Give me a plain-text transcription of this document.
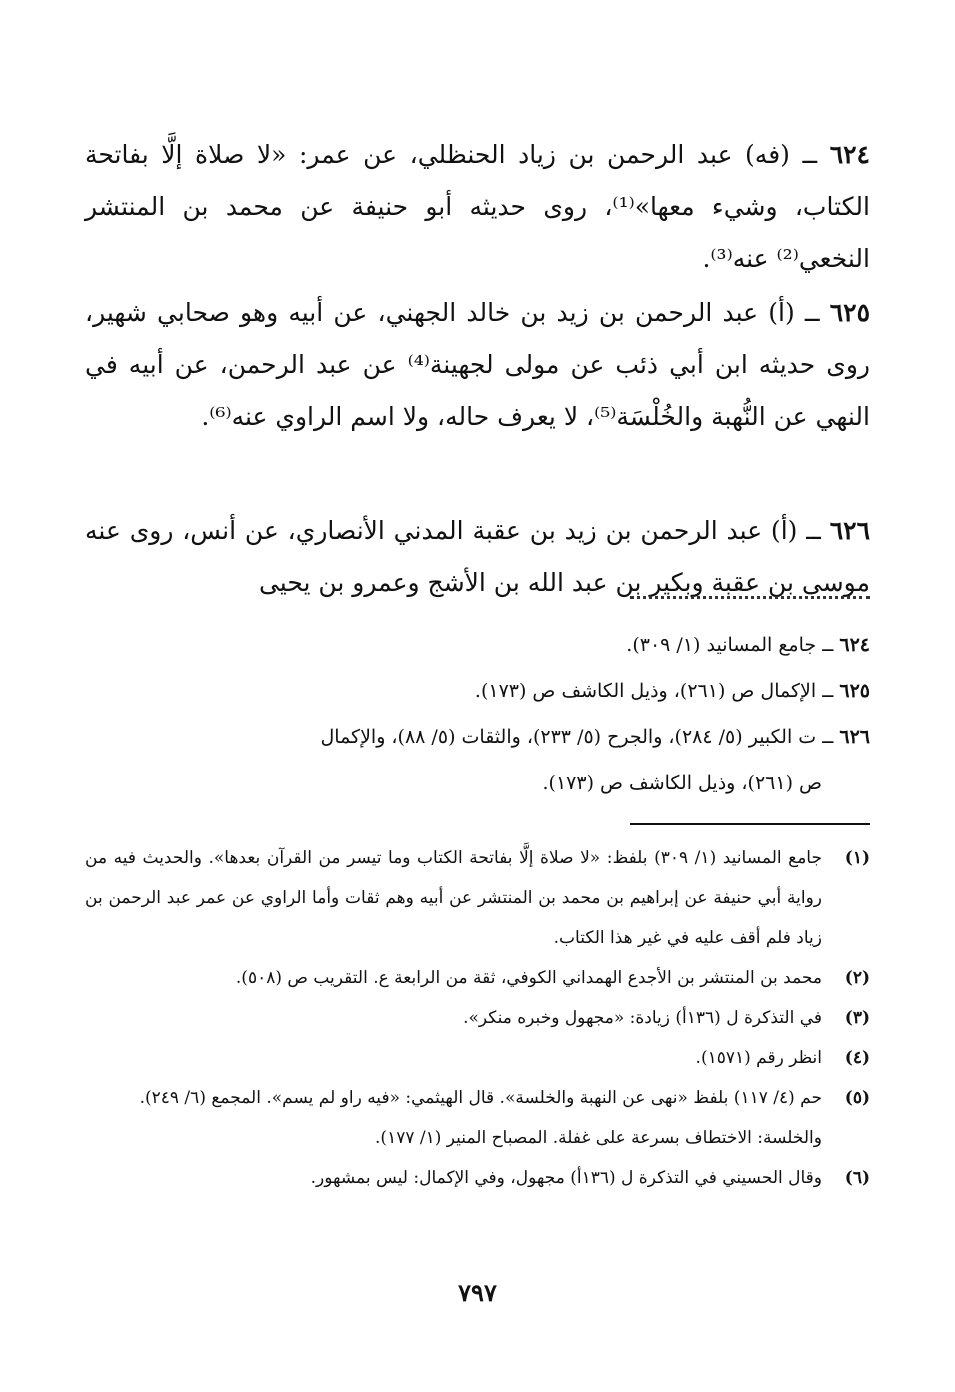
٦٢٤ ــ (فه) عبد الرحمن بن زياد الحنظلي، عن عمر: «لا صلاة إلَّا بفاتحة الكتاب، وشيء معها»⁽¹⁾، روى حديثه أبو حنيفة عن محمد بن المنتشر النخعي⁽²⁾ عنه⁽³⁾.

٦٢٥ ــ (أ) عبد الرحمن بن زيد بن خالد الجهني، عن أبيه وهو صحابي شهير، روى حديثه ابن أبي ذئب عن مولى لجهينة⁽⁴⁾ عن عبد الرحمن، عن أبيه في النهي عن النُّهبة والخُلْسَة⁽⁵⁾، لا يعرف حاله، ولا اسم الراوي عنه⁽⁶⁾.

٦٢٦ ــ (أ) عبد الرحمن بن زيد بن عقبة المدني الأنصاري، عن أنس، روى عنه موسى بن عقبة وبكير بن عبد الله بن الأشج وعمرو بن يحيى

٦٢٤ ــ جامع المسانيد (١/ ٣٠٩).
٦٢٥ ــ الإكمال ص (٢٦١)، وذيل الكاشف ص (١٧٣).
٦٢٦ ــ ت الكبير (٥/ ٢٨٤)، والجرح (٥/ ٢٣٣)، والثقات (٥/ ٨٨)، والإكمال
ص (٢٦١)، وذيل الكاشف ص (١٧٣).
(١)
جامع المسانيد (١/ ٣٠٩) بلفظ: «لا صلاة إلَّا بفاتحة الكتاب وما تيسر من القرآن بعدها». والحديث فيه من رواية أبي حنيفة عن إبراهيم بن محمد بن المنتشر عن أبيه وهم ثقات وأما الراوي عن عمر عبد الرحمن بن زياد فلم أقف عليه في غير هذا الكتاب.
(٢)
محمد بن المنتشر بن الأجدع الهمداني الكوفي، ثقة من الرابعة ع. التقريب ص (٥٠٨).
(٣)
في التذكرة ل (١٣٦أ) زيادة: «مجهول وخبره منكر».
(٤)
انظر رقم (١٥٧١).
(٥)
حم (٤/ ١١٧) بلفظ «نهى عن النهبة والخلسة». قال الهيثمي: «فيه راو لم يسم». المجمع (٦/ ٢٤٩).
والخلسة: الاختطاف بسرعة على غفلة. المصباح المنير (١/ ١٧٧).
(٦)
وقال الحسيني في التذكرة ل (١٣٦أ) مجهول، وفي الإكمال: ليس بمشهور.
٧٩٧
